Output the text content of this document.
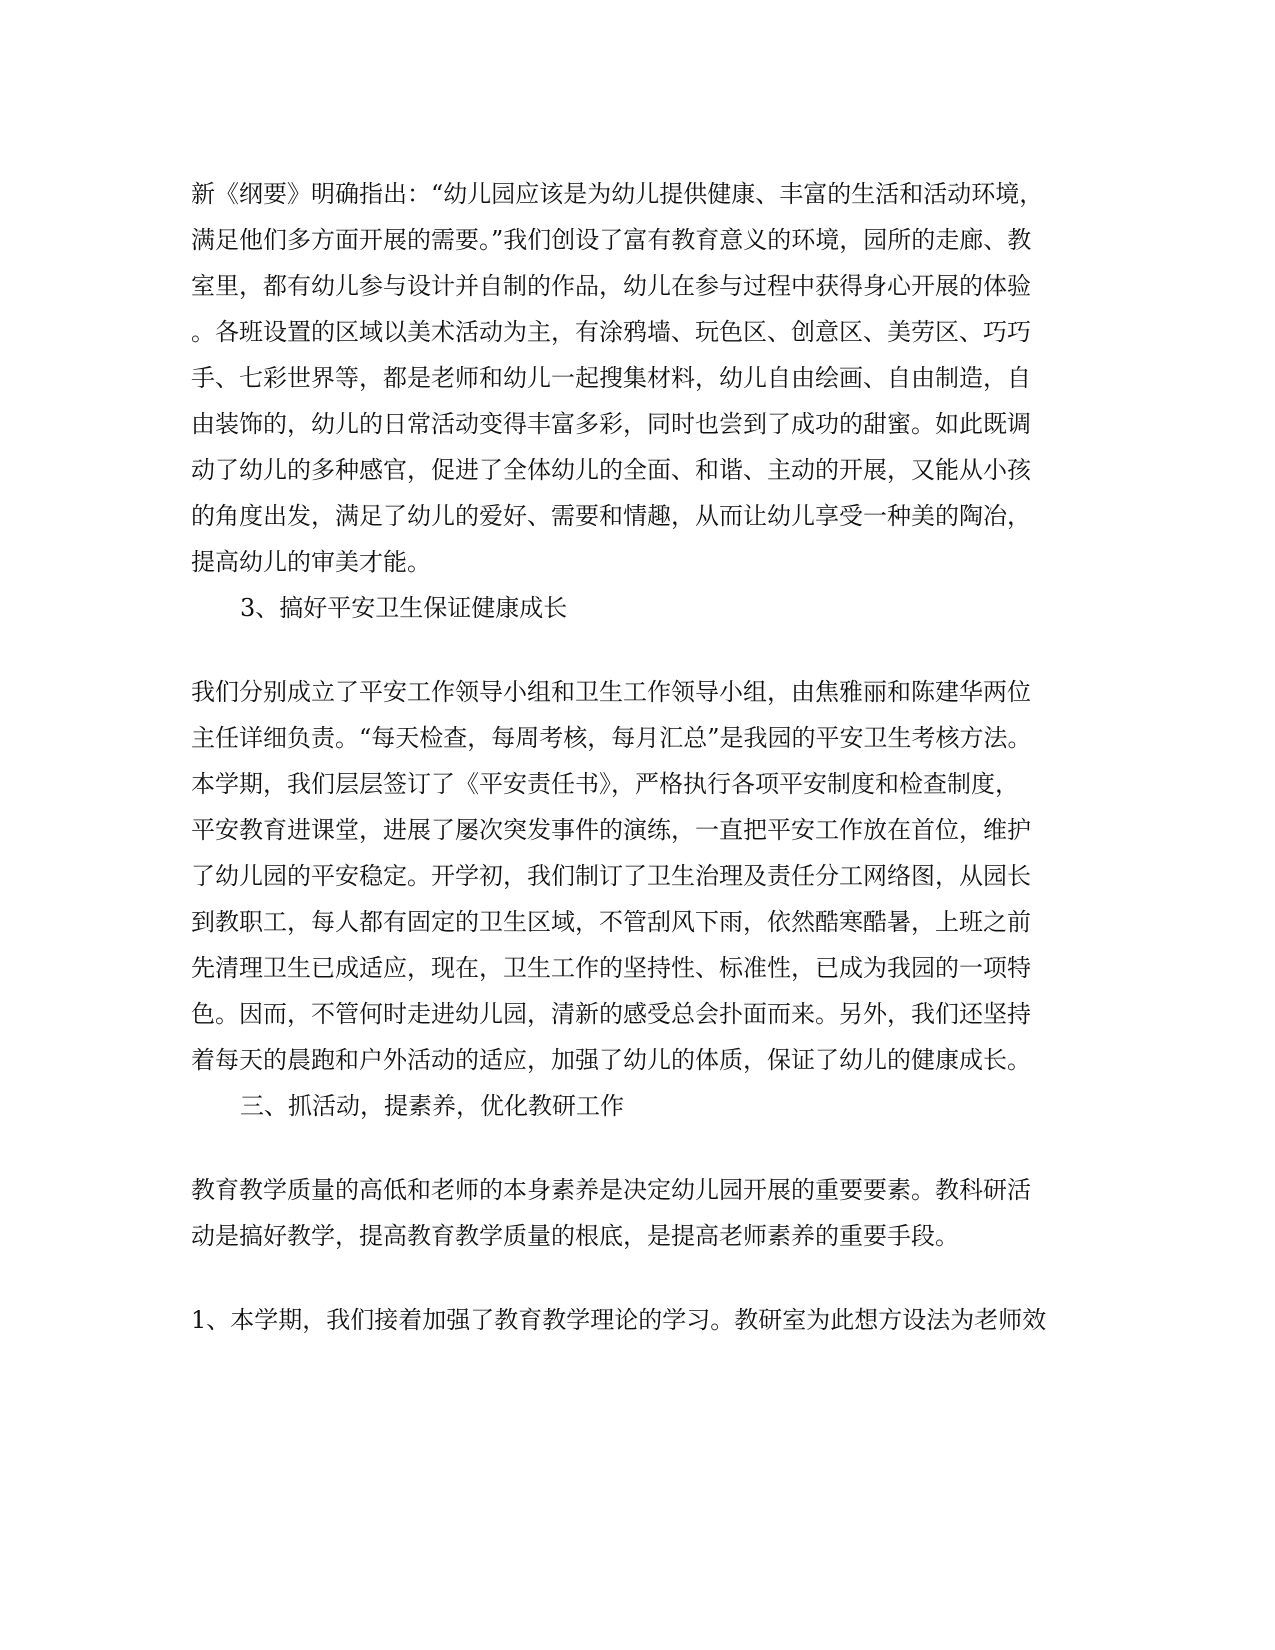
新《纲要》明确指出：“幼儿园应该是为幼儿提供健康、丰富的生活和活动环境，
满足他们多方面开展的需要。”我们创设了富有教育意义的环境，园所的走廊、教
室里，都有幼儿参与设计并自制的作品，幼儿在参与过程中获得身心开展的体验
。各班设置的区域以美术活动为主，有涂鸦墙、玩色区、创意区、美劳区、巧巧
手、七彩世界等，都是老师和幼儿一起搜集材料，幼儿自由绘画、自由制造，自
由装饰的，幼儿的日常活动变得丰富多彩，同时也尝到了成功的甜蜜。如此既调
动了幼儿的多种感官，促进了全体幼儿的全面、和谐、主动的开展，又能从小孩
的角度出发，满足了幼儿的爱好、需要和情趣，从而让幼儿享受一种美的陶冶，
提高幼儿的审美才能。
3、搞好平安卫生保证健康成长
我们分别成立了平安工作领导小组和卫生工作领导小组，由焦雅丽和陈建华两位
主任详细负责。“每天检查，每周考核，每月汇总”是我园的平安卫生考核方法。
本学期，我们层层签订了《平安责任书》，严格执行各项平安制度和检查制度，
平安教育进课堂，进展了屡次突发事件的演练，一直把平安工作放在首位，维护
了幼儿园的平安稳定。开学初，我们制订了卫生治理及责任分工网络图，从园长
到教职工，每人都有固定的卫生区域，不管刮风下雨，依然酷寒酷暑，上班之前
先清理卫生已成适应，现在，卫生工作的坚持性、标准性，已成为我园的一项特
色。因而，不管何时走进幼儿园，清新的感受总会扑面而来。另外，我们还坚持
着每天的晨跑和户外活动的适应，加强了幼儿的体质，保证了幼儿的健康成长。
三、抓活动，提素养，优化教研工作
教育教学质量的高低和老师的本身素养是决定幼儿园开展的重要要素。教科研活
动是搞好教学，提高教育教学质量的根底，是提高老师素养的重要手段。
1、本学期，我们接着加强了教育教学理论的学习。教研室为此想方设法为老师效
